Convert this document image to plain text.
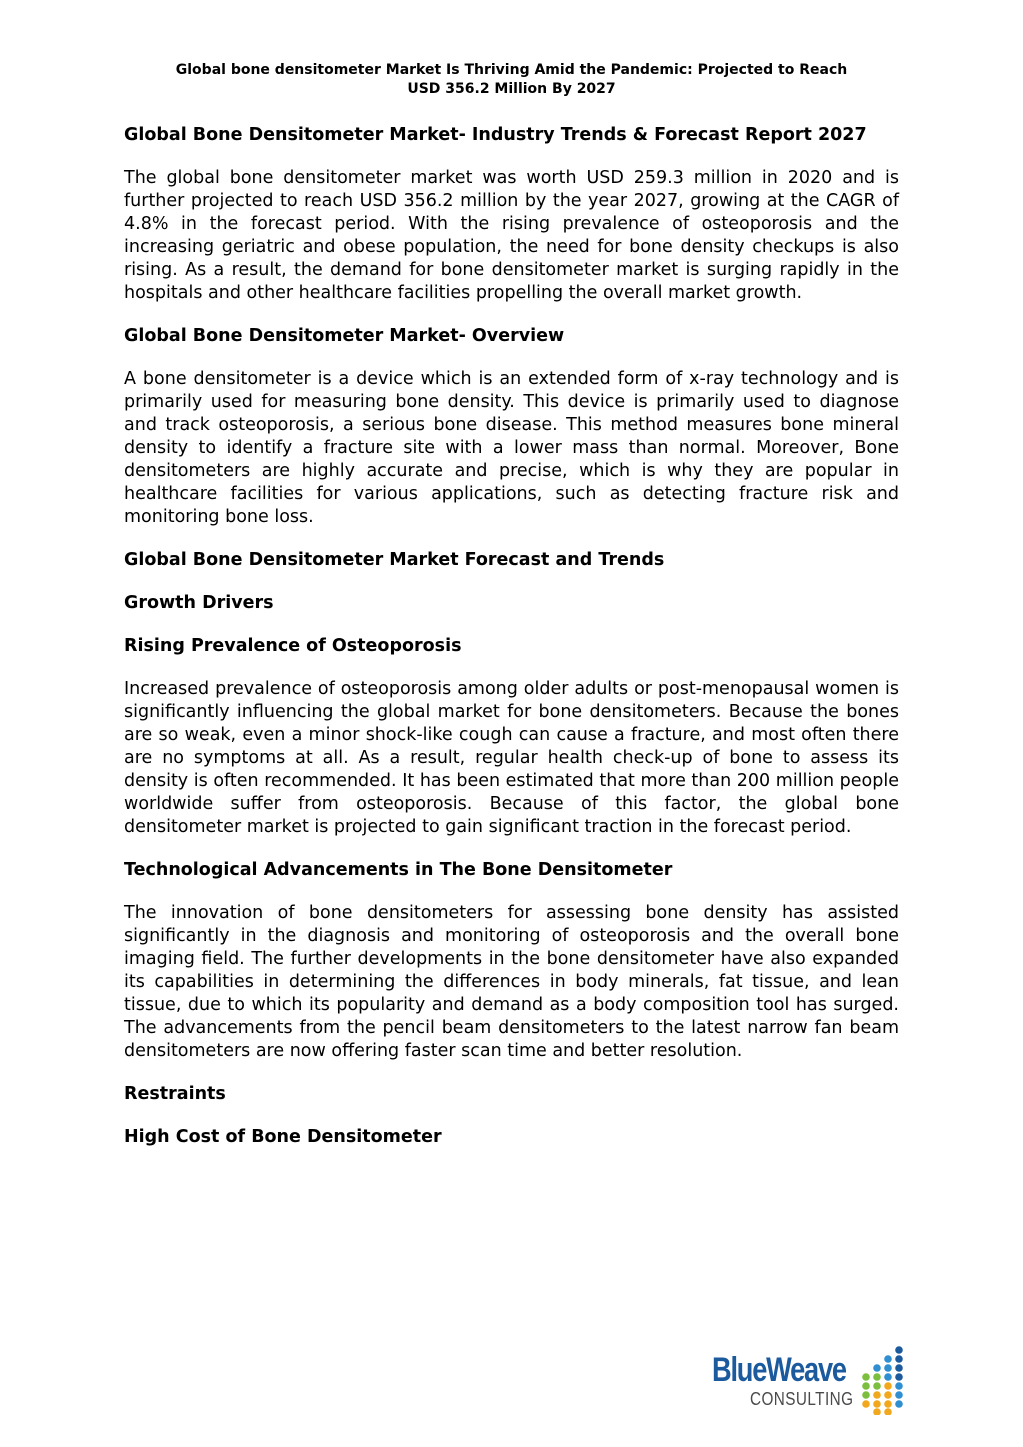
Global bone densitometer Market Is Thriving Amid the Pandemic: Projected to Reach
USD 356.2 Million By 2027
Global Bone Densitometer Market- Industry Trends & Forecast Report 2027
The global bone densitometer market was worth USD 259.3 million in 2020 and is further projected to reach USD 356.2 million by the year 2027, growing at the CAGR of 4.8% in the forecast period. With the rising prevalence of osteoporosis and the increasing geriatric and obese population, the need for bone density checkups is also rising. As a result, the demand for bone densitometer market is surging rapidly in the hospitals and other healthcare facilities propelling the overall market growth.
Global Bone Densitometer Market- Overview
A bone densitometer is a device which is an extended form of x-ray technology and is primarily used for measuring bone density. This device is primarily used to diagnose and track osteoporosis, a serious bone disease. This method measures bone mineral density to identify a fracture site with a lower mass than normal. Moreover, Bone densitometers are highly accurate and precise, which is why they are popular in healthcare facilities for various applications, such as detecting fracture risk and monitoring bone loss.
Global Bone Densitometer Market Forecast and Trends
Growth Drivers
Rising Prevalence of Osteoporosis
Increased prevalence of osteoporosis among older adults or post-menopausal women is significantly influencing the global market for bone densitometers. Because the bones are so weak, even a minor shock-like cough can cause a fracture, and most often there are no symptoms at all. As a result, regular health check-up of bone to assess its density is often recommended. It has been estimated that more than 200 million people worldwide suffer from osteoporosis. Because of this factor, the global bone densitometer market is projected to gain significant traction in the forecast period.
Technological Advancements in The Bone Densitometer
The innovation of bone densitometers for assessing bone density has assisted significantly in the diagnosis and monitoring of osteoporosis and the overall bone imaging field. The further developments in the bone densitometer have also expanded its capabilities in determining the differences in body minerals, fat tissue, and lean tissue, due to which its popularity and demand as a body composition tool has surged. The advancements from the pencil beam densitometers to the latest narrow fan beam densitometers are now offering faster scan time and better resolution.
Restraints
High Cost of Bone Densitometer
BlueWeave
CONSULTING
